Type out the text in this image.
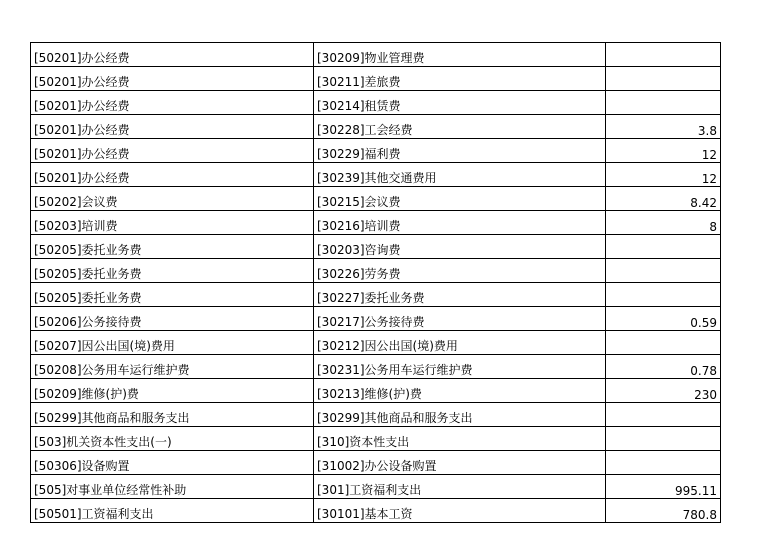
[50201]办公经费	[30209]物业管理费	
[50201]办公经费	[30211]差旅费	
[50201]办公经费	[30214]租赁费	
[50201]办公经费	[30228]工会经费	3.8
[50201]办公经费	[30229]福利费	12
[50201]办公经费	[30239]其他交通费用	12
[50202]会议费	[30215]会议费	8.42
[50203]培训费	[30216]培训费	8
[50205]委托业务费	[30203]咨询费	
[50205]委托业务费	[30226]劳务费	
[50205]委托业务费	[30227]委托业务费	
[50206]公务接待费	[30217]公务接待费	0.59
[50207]因公出国(境)费用	[30212]因公出国(境)费用	
[50208]公务用车运行维护费	[30231]公务用车运行维护费	0.78
[50209]维修(护)费	[30213]维修(护)费	230
[50299]其他商品和服务支出	[30299]其他商品和服务支出	
[503]机关资本性支出(一)	[310]资本性支出	
[50306]设备购置	[31002]办公设备购置	
[505]对事业单位经常性补助	[301]工资福利支出	995.11
[50501]工资福利支出	[30101]基本工资	780.8
